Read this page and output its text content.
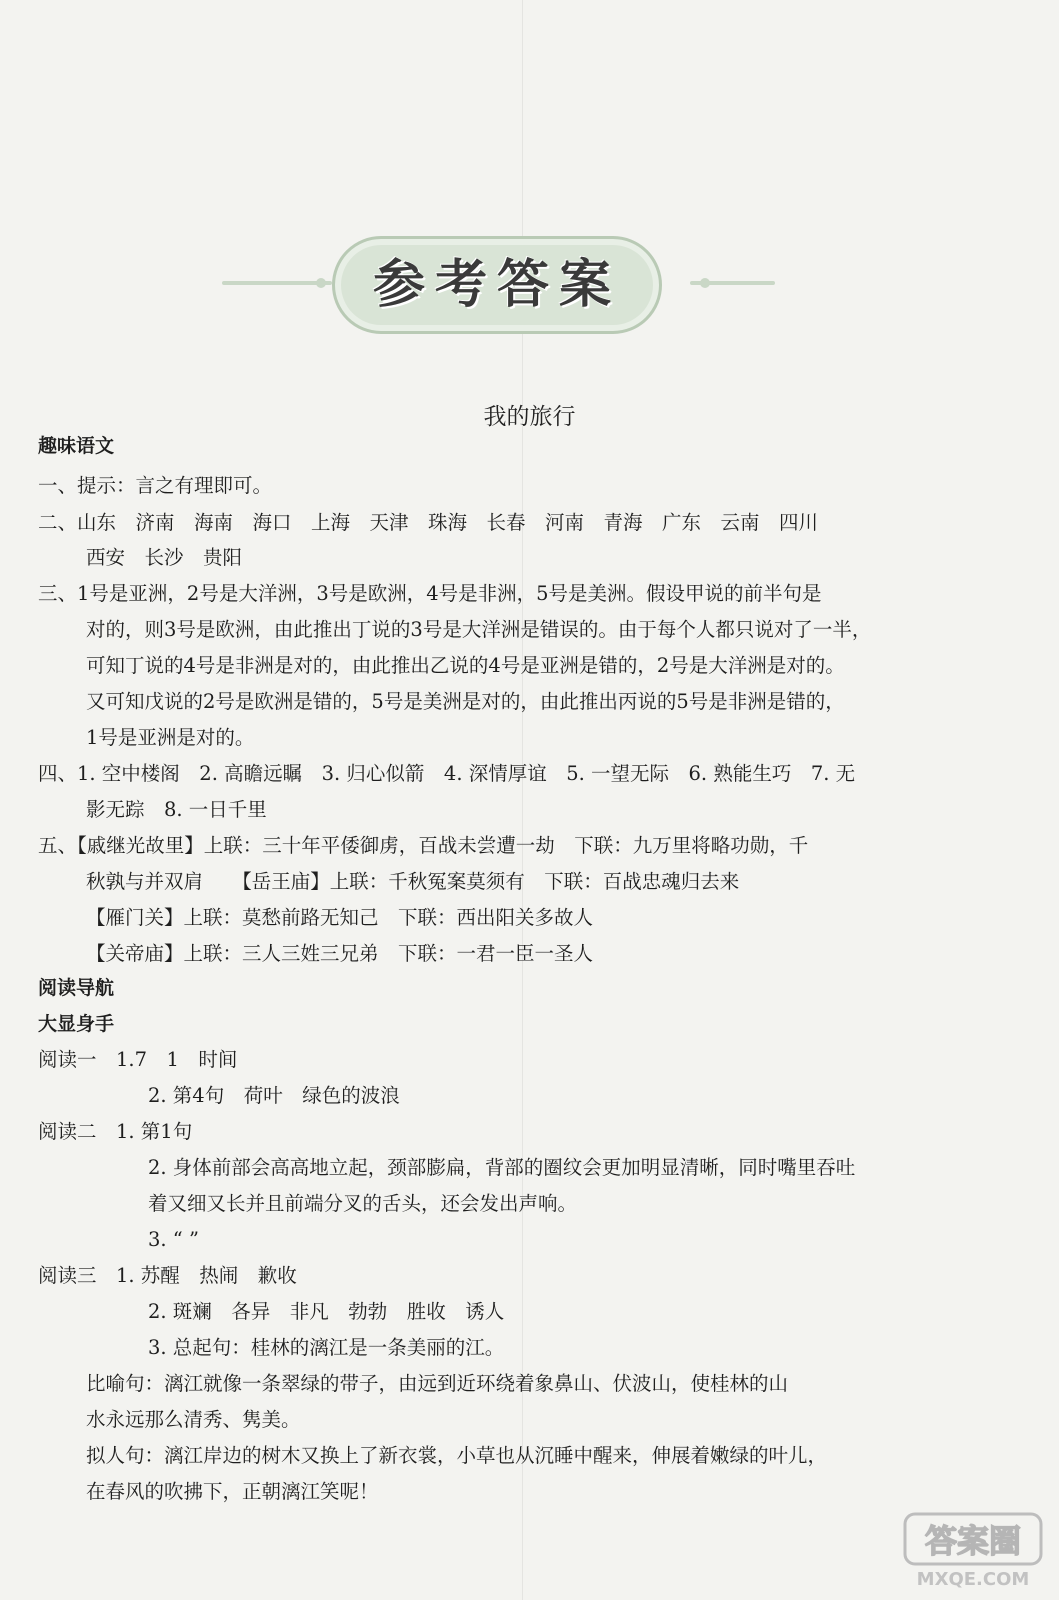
参考答案
我的旅行
趣味语文
一、提示：言之有理即可。
二、山东　济南　海南　海口　上海　天津　珠海　长春　河南　青海　广东　云南　四川
西安　长沙　贵阳
三、1号是亚洲，2号是大洋洲，3号是欧洲，4号是非洲，5号是美洲。假设甲说的前半句是
对的，则3号是欧洲，由此推出丁说的3号是大洋洲是错误的。由于每个人都只说对了一半，
可知丁说的4号是非洲是对的，由此推出乙说的4号是亚洲是错的，2号是大洋洲是对的。
又可知戊说的2号是欧洲是错的，5号是美洲是对的，由此推出丙说的5号是非洲是错的，
1号是亚洲是对的。
四、1. 空中楼阁　2. 高瞻远瞩　3. 归心似箭　4. 深情厚谊　5. 一望无际　6. 熟能生巧　7. 无
影无踪　8. 一日千里
五、【戚继光故里】上联：三十年平倭御虏，百战未尝遭一劫　下联：九万里将略功勋，千
秋孰与并双肩　　【岳王庙】上联：千秋冤案莫须有　下联：百战忠魂归去来
【雁门关】上联：莫愁前路无知己　下联：西出阳关多故人
【关帝庙】上联：三人三姓三兄弟　下联：一君一臣一圣人
阅读导航
大显身手
阅读一　1.7　1　时间
2. 第4句　荷叶　绿色的波浪
阅读二　1. 第1句
2. 身体前部会高高地立起，颈部膨扁，背部的圈纹会更加明显清晰，同时嘴里吞吐
着又细又长并且前端分叉的舌头，还会发出声响。
3. “ ”
阅读三　1. 苏醒　热闹　歉收
2. 斑斓　各异　非凡　勃勃　胜收　诱人
3. 总起句：桂林的漓江是一条美丽的江。
比喻句：漓江就像一条翠绿的带子，由远到近环绕着象鼻山、伏波山，使桂林的山
水永远那么清秀、隽美。
拟人句：漓江岸边的树木又换上了新衣裳，小草也从沉睡中醒来，伸展着嫩绿的叶儿，
在春风的吹拂下，正朝漓江笑呢！
答案圈
MXQE.COM
